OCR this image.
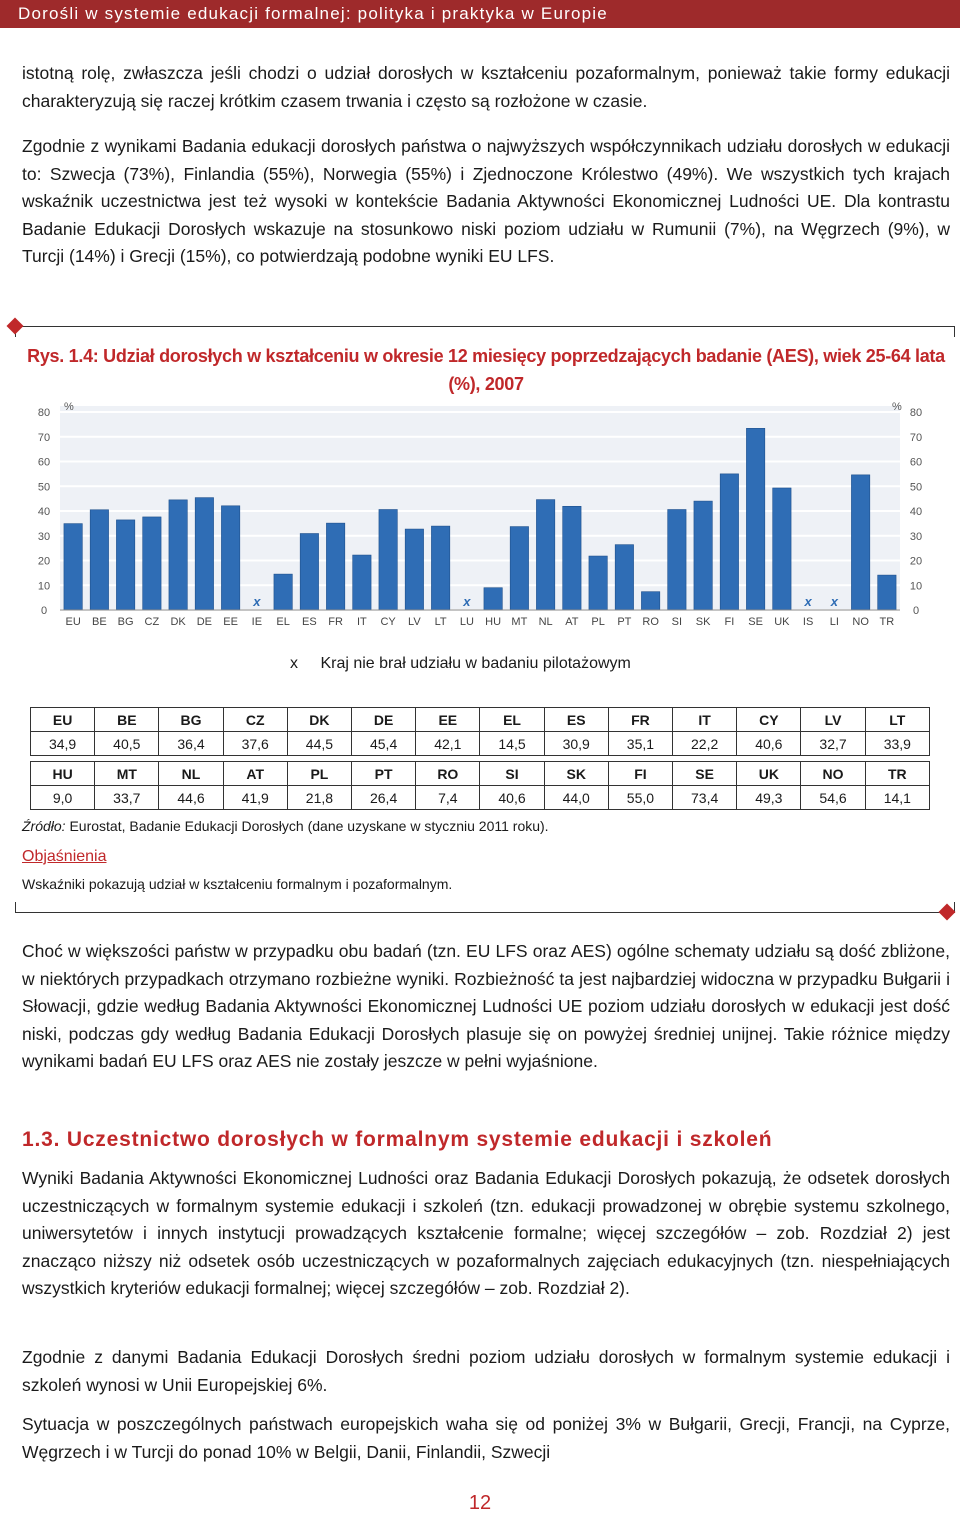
Dorośli w systemie edukacji formalnej: polityka i praktyka w Europie

istotną rolę, zwłaszcza jeśli chodzi o udział dorosłych w kształceniu pozaformalnym, ponieważ takie formy edukacji charakteryzują się raczej krótkim czasem trwania i często są rozłożone w czasie.

Zgodnie z wynikami Badania edukacji dorosłych państwa o najwyższych współczynnikach udziału dorosłych w edukacji to: Szwecja (73%), Finlandia (55%), Norwegia (55%) i Zjednoczone Królestwo (49%). We wszystkich tych krajach wskaźnik uczestnictwa jest też wysoki w kontekście Badania Aktywności Ekonomicznej Ludności UE. Dla kontrastu Badanie Edukacji Dorosłych wskazuje na stosunkowo niski poziom udziału w Rumunii (7%), na Węgrzech (9%), w Turcji (14%) i Grecji (15%), co potwierdzają podobne wyniki EU LFS.

Rys. 1.4: Udział dorosłych w kształceniu w okresie 12 miesięcy poprzedzających badanie (AES), wiek 25-64 lata (%), 2007
0	0
10	10
20	20
30	30
40	40
50	50
60	60
70	70
80	80
%	%
EU BE BG CZ DK DE EE
x
IE EL ES FR IT CY LV LT
x
LU HU MT NL AT PL PT RO SI SK FI SE UK
x
IS
x
LI NO TR
x Kraj nie brał udziału w badaniu pilotażowym
EU	BE	BG	CZ	DK	DE	EE	EL	ES	FR	IT	CY	LV	LT
34,9	40,5	36,4	37,6	44,5	45,4	42,1	14,5	30,9	35,1	22,2	40,6	32,7	33,9
HU	MT	NL	AT	PL	PT	RO	SI	SK	FI	SE	UK	NO	TR
9,0	33,7	44,6	41,9	21,8	26,4	7,4	40,6	44,0	55,0	73,4	49,3	54,6	14,1
Źródło: Eurostat, Badanie Edukacji Dorosłych (dane uzyskane w styczniu 2011 roku).
Objaśnienia
Wskaźniki pokazują udział w kształceniu formalnym i pozaformalnym.

Choć w większości państw w przypadku obu badań (tzn. EU LFS oraz AES) ogólne schematy udziału są dość zbliżone, w niektórych przypadkach otrzymano rozbieżne wyniki. Rozbieżność ta jest najbardziej widoczna w przypadku Bułgarii i Słowacji, gdzie według Badania Aktywności Ekonomicznej Ludności UE poziom udziału dorosłych w edukacji jest dość niski, podczas gdy według Badania Edukacji Dorosłych plasuje się on powyżej średniej unijnej. Takie różnice między wynikami badań EU LFS oraz AES nie zostały jeszcze w pełni wyjaśnione.

1.3. Uczestnictwo dorosłych w formalnym systemie edukacji i szkoleń

Wyniki Badania Aktywności Ekonomicznej Ludności oraz Badania Edukacji Dorosłych pokazują, że odsetek dorosłych uczestniczących w formalnym systemie edukacji i szkoleń (tzn. edukacji prowadzonej w obrębie systemu szkolnego, uniwersytetów i innych instytucji prowadzących kształcenie formalne; więcej szczegółów – zob. Rozdział 2) jest znacząco niższy niż odsetek osób uczestniczących w pozaformalnych zajęciach edukacyjnych (tzn. niespełniających wszystkich kryteriów edukacji formalnej; więcej szczegółów – zob. Rozdział 2).

Zgodnie z danymi Badania Edukacji Dorosłych średni poziom udziału dorosłych w formalnym systemie edukacji i szkoleń wynosi w Unii Europejskiej 6%.

Sytuacja w poszczególnych państwach europejskich waha się od poniżej 3% w Bułgarii, Grecji, Francji, na Cyprze, Węgrzech i w Turcji do ponad 10% w Belgii, Danii, Finlandii, Szwecji

12
